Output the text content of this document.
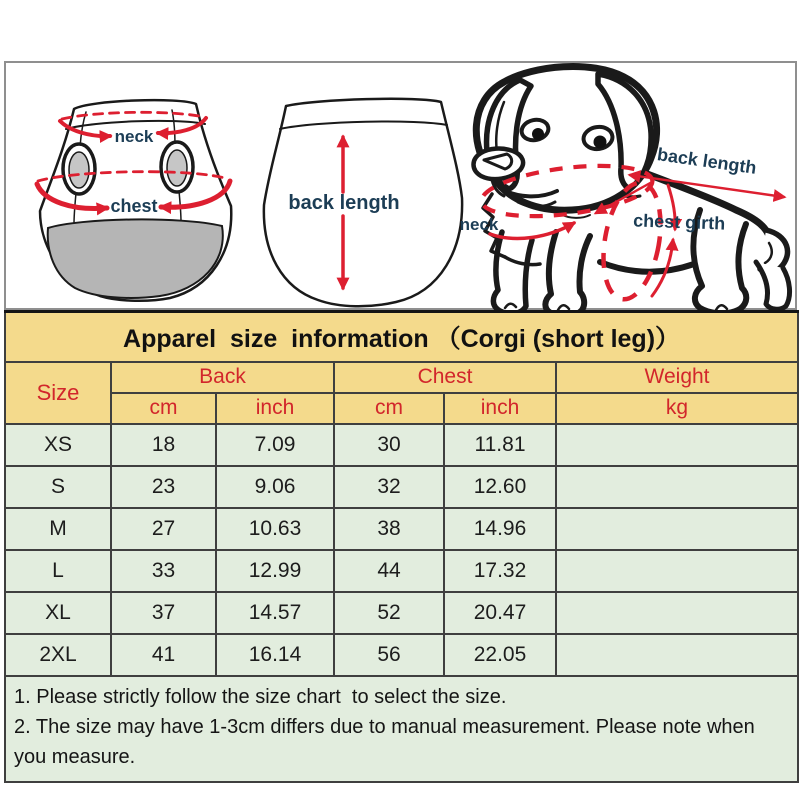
neck
chest	back length
neck
back length
chest girth
Apparel  size  information （Corgi (short leg)）					
Size	Back		Chest		Weight
	cm	inch	cm	inch	kg
XS	18	7.09	30	11.81	
S	23	9.06	32	12.60	
M	27	10.63	38	14.96	
L	33	12.99	44	17.32	
XL	37	14.57	52	20.47	
2XL	41	16.14	56	22.05	

1. Please strictly follow the size chart  to select the size.
2. The size may have 1-3cm differs due to manual measurement. Please note when you measure.					
